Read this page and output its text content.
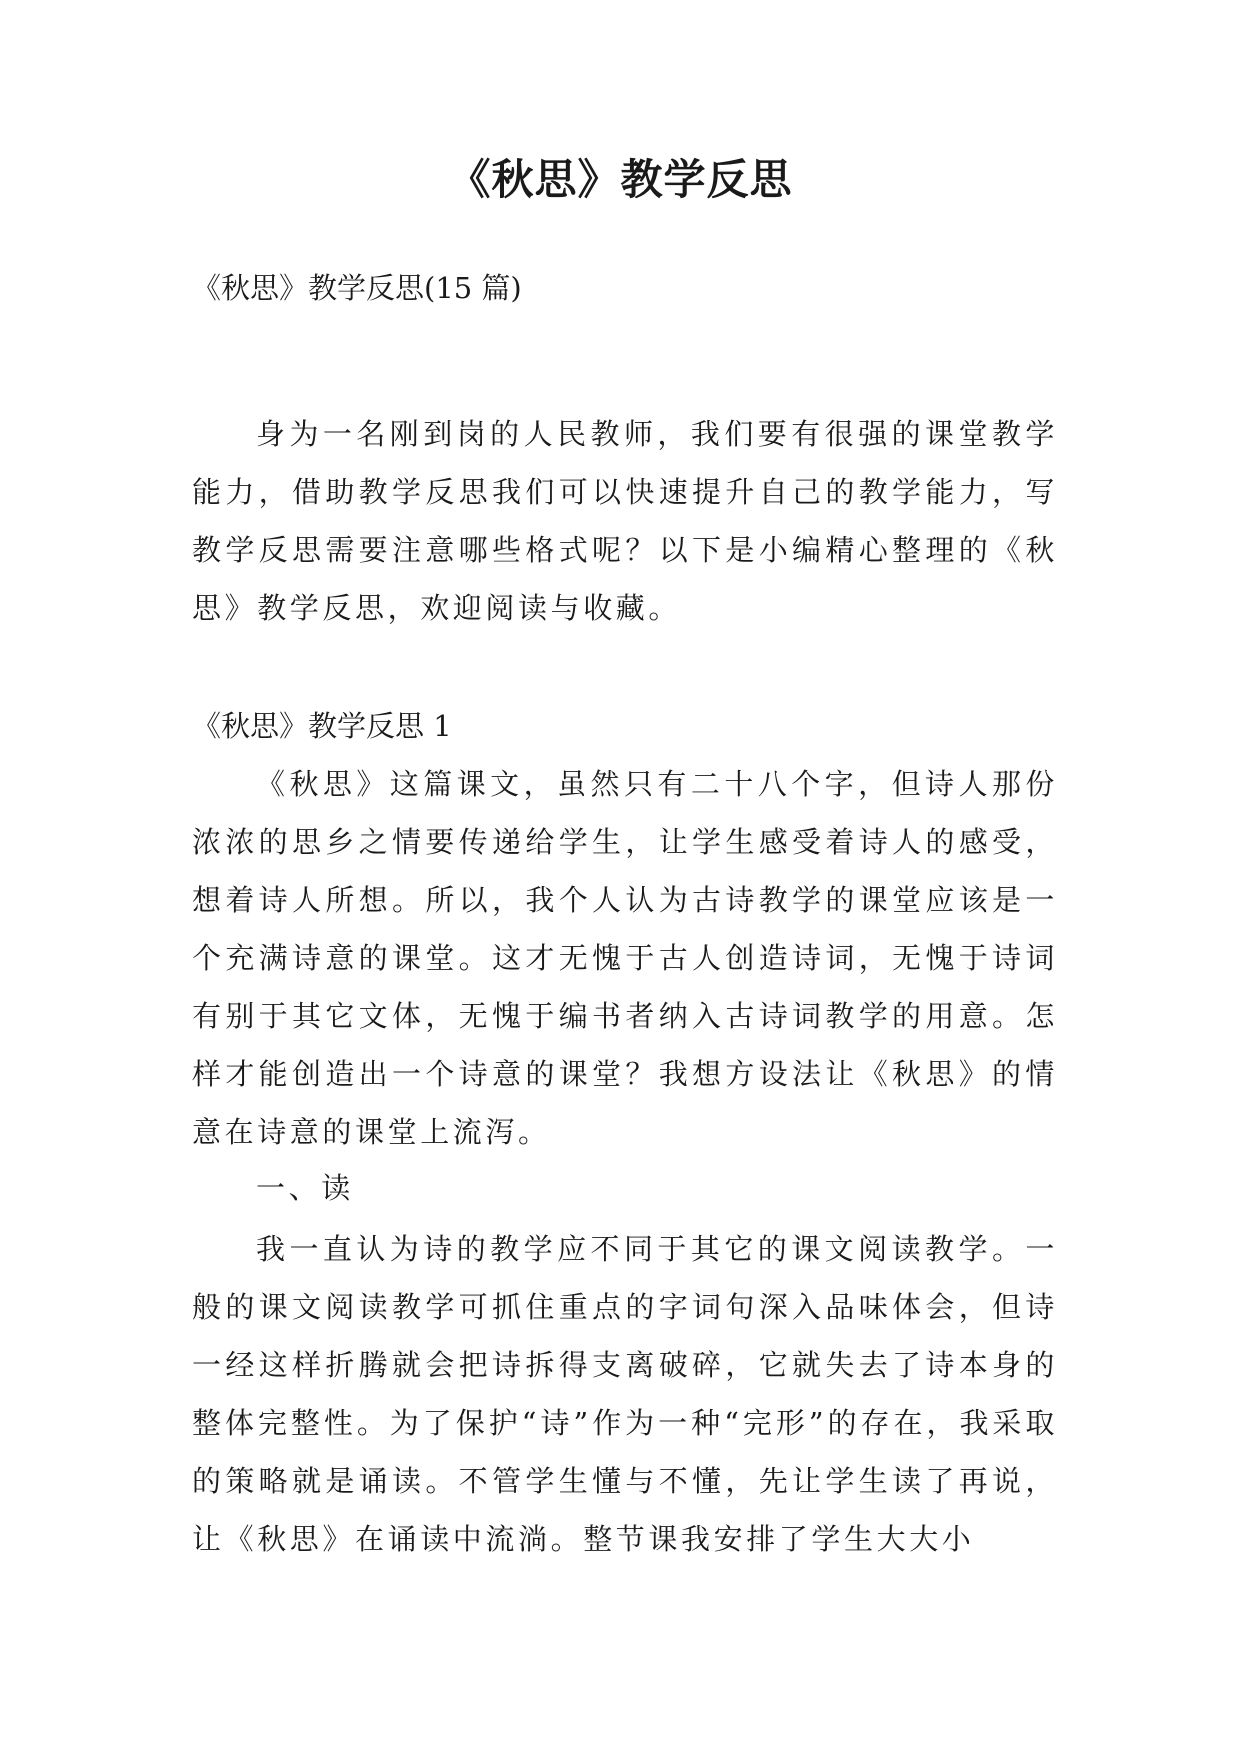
《秋思》教学反思

《秋思》教学反思(15 篇)

身为一名刚到岗的人民教师，我们要有很强的课堂教学能力，借助教学反思我们可以快速提升自己的教学能力，写教学反思需要注意哪些格式呢？以下是小编精心整理的《秋思》教学反思，欢迎阅读与收藏。

《秋思》教学反思 1

《秋思》这篇课文，虽然只有二十八个字，但诗人那份浓浓的思乡之情要传递给学生，让学生感受着诗人的感受，想着诗人所想。所以，我个人认为古诗教学的课堂应该是一个充满诗意的课堂。这才无愧于古人创造诗词，无愧于诗词有别于其它文体，无愧于编书者纳入古诗词教学的用意。怎样才能创造出一个诗意的课堂？我想方设法让《秋思》的情意在诗意的课堂上流泻。

一、读

我一直认为诗的教学应不同于其它的课文阅读教学。一般的课文阅读教学可抓住重点的字词句深入品味体会，但诗一经这样折腾就会把诗拆得支离破碎，它就失去了诗本身的整体完整性。为了保护“诗”作为一种“完形”的存在，我采取的策略就是诵读。不管学生懂与不懂，先让学生读了再说，让《秋思》在诵读中流淌。整节课我安排了学生大大小
